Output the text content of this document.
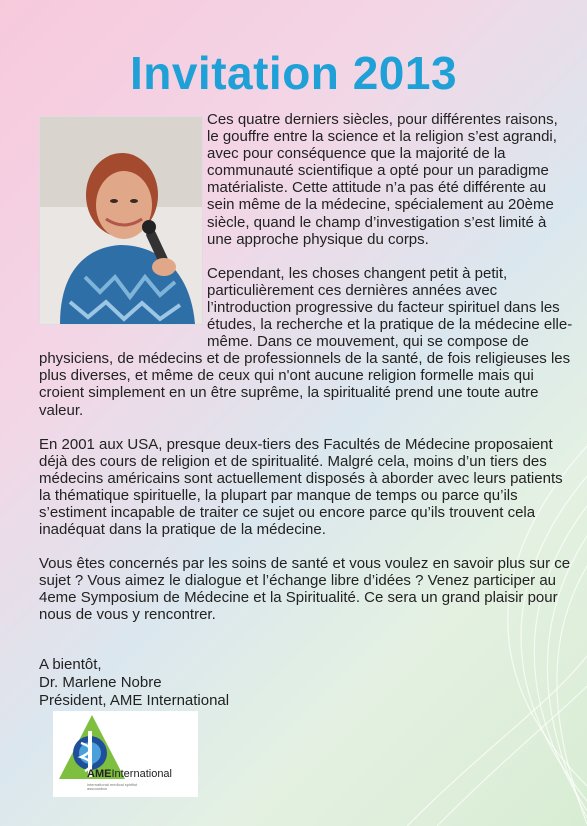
Invitation 2013

Ces quatre derniers siècles, pour différentes raisons, le gouffre entre la science et la religion s’est agrandi, avec pour conséquence que la majorité de la communauté scientifique a opté pour un paradigme matérialiste. Cette attitude n’a pas été différente au sein même de la médecine, spécialement au 20ème siècle, quand le champ d’investigation s’est limité à une approche physique du corps.

Cependant, les choses changent petit à petit, particulièrement ces dernières années avec l’introduction progressive du facteur spirituel dans les études, la recherche et la pratique de la médecine elle-même. Dans ce mouvement, qui se compose de physiciens, de médecins et de professionnels de la santé, de fois religieuses les plus diverses, et même de ceux qui n'ont aucune religion formelle mais qui croient simplement en un être suprême, la spiritualité prend une toute autre valeur.

En 2001 aux USA, presque deux-tiers des Facultés de Médecine proposaient déjà des cours de religion et de spiritualité. Malgré cela, moins d’un tiers des médecins américains sont actuellement disposés à aborder avec leurs patients la thématique spirituelle, la plupart par manque de temps ou parce qu’ils s’estiment incapable de traiter ce sujet ou encore parce qu’ils trouvent cela inadéquat dans la pratique de la médecine.

Vous êtes concernés par les soins de santé et vous voulez en savoir plus sur ce sujet ? Vous aimez le dialogue et l’échange libre d’idées ? Venez participer au 4eme Symposium de Médecine et la Spiritualité. Ce sera un grand plaisir pour nous de vous y rencontrer.

A bientôt,
Dr. Marlene Nobre
Président, AME International
AMEInternational
international medical spiritist association
